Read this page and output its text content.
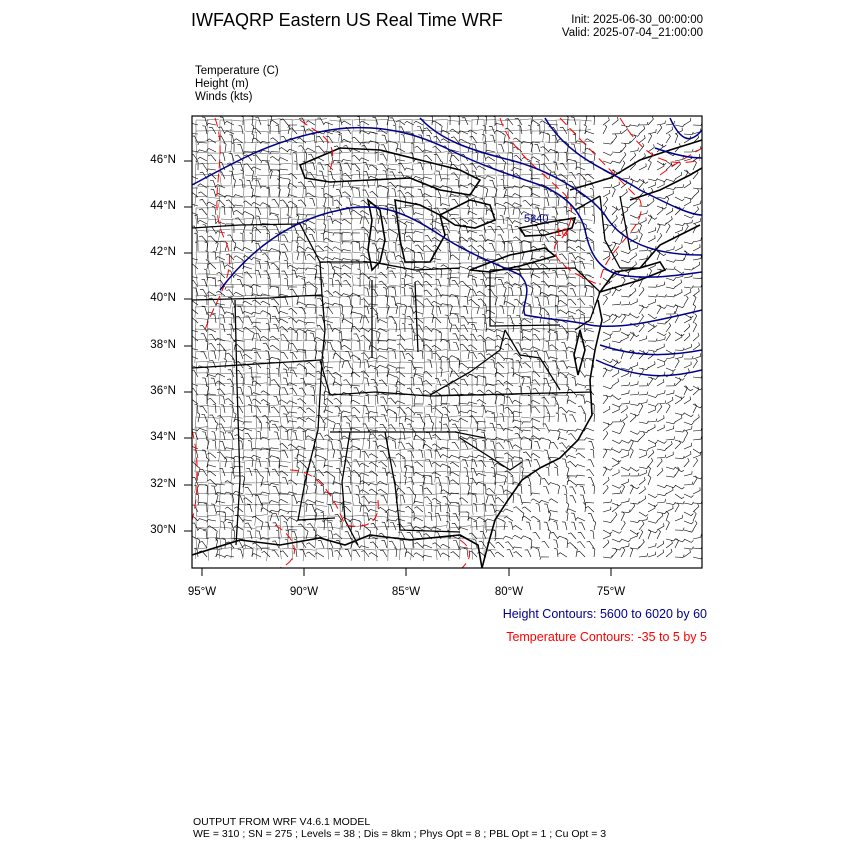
5840
-10
IWFAQRP Eastern US Real Time WRF	Init: 2025-06-30_00:00:00
Valid: 2025-07-04_21:00:00
Temperature (C)
Height (m)
Winds (kts)
46°N
44°N
42°N
40°N
38°N
36°N
34°N
32°N
30°N
95°W	90°W	85°W	80°W	75°W
Height Contours: 5600 to 6020 by 60
Temperature Contours: -35 to 5 by 5
OUTPUT FROM WRF V4.6.1 MODEL
WE = 310 ; SN = 275 ; Levels = 38 ; Dis = 8km ; Phys Opt = 8 ; PBL Opt = 1 ; Cu Opt = 3
